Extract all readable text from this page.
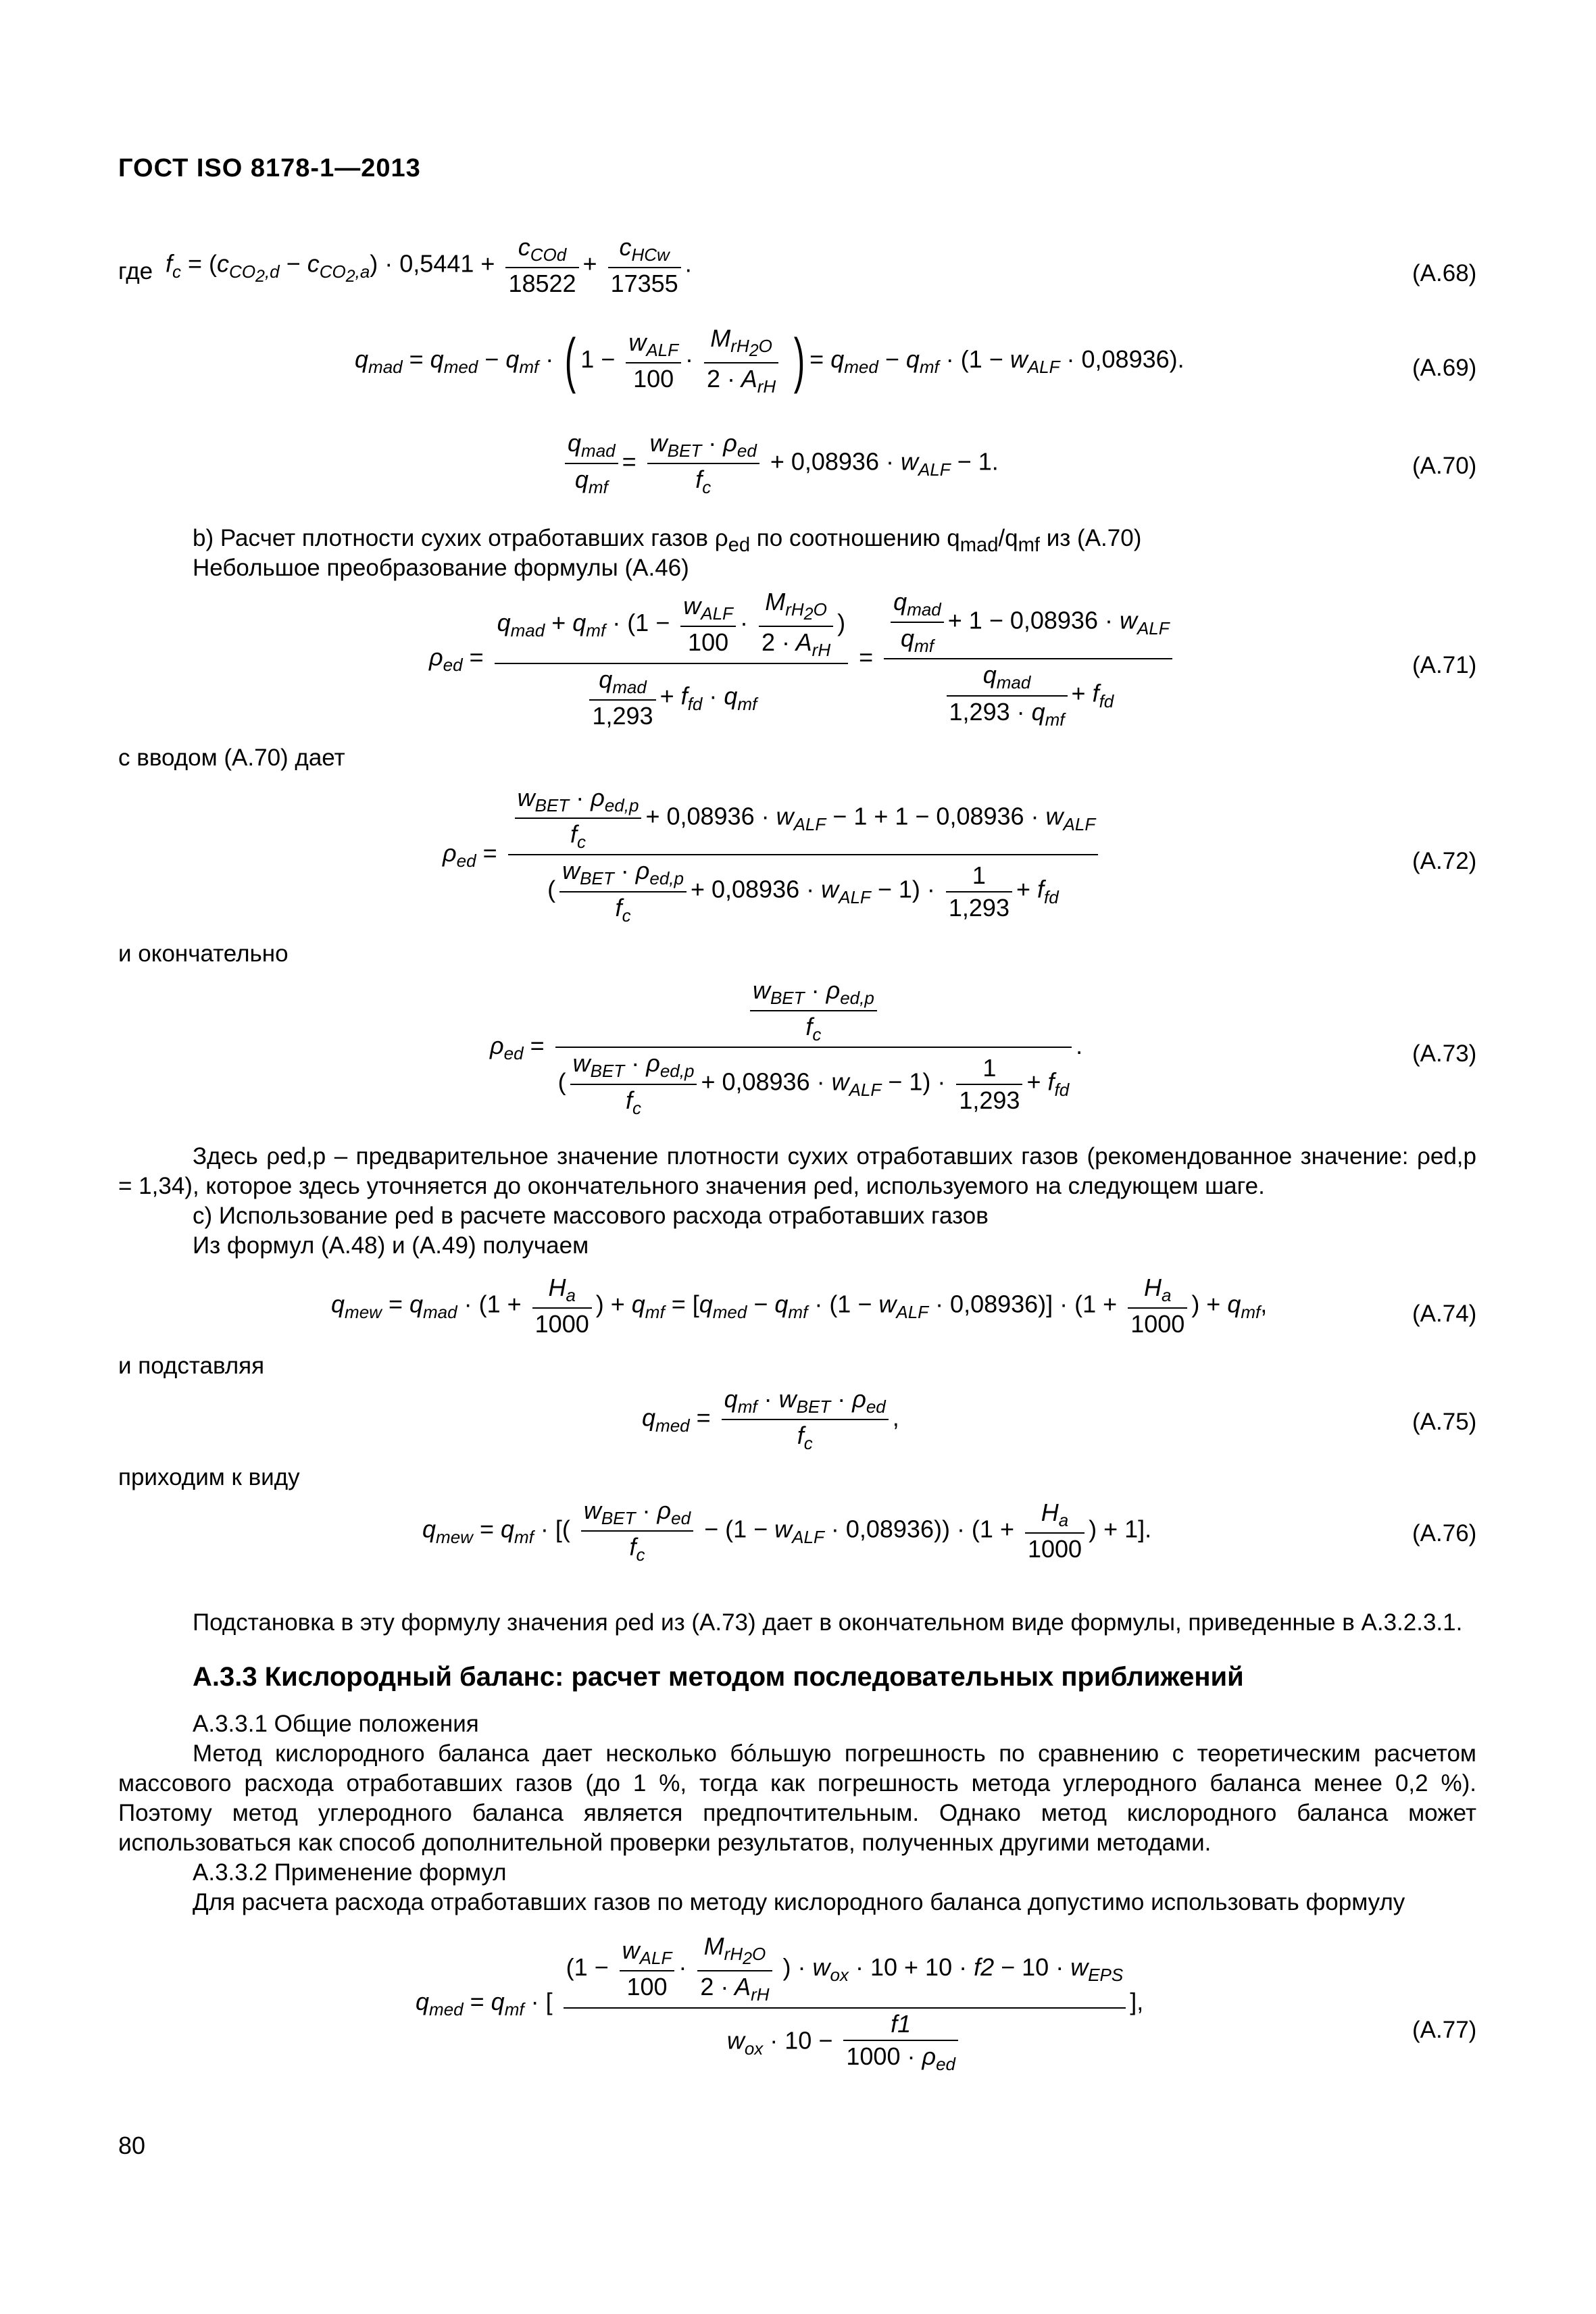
ГОСТ ISO 8178-1—2013
где $f_c = (c_{CO_2,d} - c_{CO_2,a}) \cdot 0,5441$ +
$c_{COd}$
18522
+
$c_{HCw}$
17355
.	(A.68)
$q_{mad} = q_{med} - q_{mf}$ · ( 1 −
$w_{ALF}$
100
·
$M_{rH_2O}$
$2 \cdot A_{rH}$ ) = $q_{med} - q_{mf} \cdot (1 - w_{ALF} \cdot 0,08936)$.	(A.69)
$q_{mad}$
$q_{mf}$
=
$w_{BET} \cdot \rho_{ed}$
$f_c$
+ $0,08936 \cdot w_{ALF} - 1$.	(A.70)
b) Расчет плотности сухих отработавших газов $\rho_{ed}$ по соотношению $q_{mad}/q_{mf}$ из (A.70)
Небольшое преобразование формулы (A.46)
$\rho_{ed}$ =
$q_{mad} + q_{mf} \cdot (1$ −
$w_{ALF}$
100
·
$M_{rH_2O}$
$2 \cdot A_{rH}$
)
$q_{mad}$
1,293
+ $f_{fd} \cdot q_{mf}$
=
$q_{mad}$
$q_{mf}$
+ $1 - 0,08936 \cdot w_{ALF}$
$q_{mad}$
$1,293 \cdot q_{mf}$
+ $f_{fd}$
(A.71)
с вводом (A.70) дает
$\rho_{ed}$ =
$w_{BET} \cdot \rho_{ed,p}$
$f_c$
+ $0,08936 \cdot w_{ALF} - 1 + 1 - 0,08936 \cdot w_{ALF}$
(
$w_{BET} \cdot \rho_{ed,p}$
$f_c$
+ $0,08936 \cdot w_{ALF} - 1) \cdot \frac{1}{1,293} + f_{fd}$
(A.72)
и окончательно
$\rho_{ed}$ =
$w_{BET} \cdot \rho_{ed,p}$
$f_c$
(
$w_{BET} \cdot \rho_{ed,p}$
$f_c$
+ $0,08936 \cdot w_{ALF} - 1) \cdot \frac{1}{1,293} + f_{fd}$
.	(A.73)
Здесь ρed,p – предварительное значение плотности сухих отработавших газов (рекомендованное значение: ρed,p = 1,34), которое здесь уточняется до окончательного значения ρed, используемого на следующем шаге.
с) Использование ρed в расчете массового расхода отработавших газов
Из формул (A.48) и (A.49) получаем
$q_{mew} = q_{mad} \cdot (1 + \frac{H_a}{1000}$ ) + $q_{mf} = [q_{med} - q_{mf} \cdot (1 - w_{ALF} \cdot 0,08936)] \cdot (1 + \frac{H_a}{1000}$ ) + $q_{mf}$,	(A.74)
и подставляя
$q_{med}$ =
$q_{mf} \cdot w_{BET} \cdot \rho_{ed}$
$f_c$
,	(A.75)
приходим к виду
$q_{mew} = q_{mf}$ · [(
$w_{BET} \cdot \rho_{ed}$
$f_c$
− $(1 - w_{ALF} \cdot 0,08936)) \cdot (1 + \frac{H_a}{1000}$ ) + 1].	(A.76)
Подстановка в эту формулу значения ρed из (A.73) дает в окончательном виде формулы, приведенные в A.3.2.3.1.
А.3.3 Кислородный баланс: расчет методом последовательных приближений
А.3.3.1 Общие положения
Метод кислородного баланса дает несколько бóльшую погрешность по сравнению с теоретическим расчетом массового расхода отработавших газов (до 1 %, тогда как погрешность метода углеродного баланса менее 0,2 %). Поэтому метод углеродного баланса является предпочтительным. Однако метод кислородного баланса может использоваться как способ дополнительной проверки результатов, полученных другими методами.
А.3.3.2 Применение формул
Для расчета расхода отработавших газов по методу кислородного баланса допустимо использовать формулу
$q_{med} = q_{mf}$ · [
(1 −
$w_{ALF}$
100
·
$M_{rH_2O}$
$2 \cdot A_{rH}$
) · $w_{ox} \cdot 10 + 10 \cdot f2 - 10 \cdot w_{EPS}$
$w_{ox} \cdot 10$ −
f1
$1000 \cdot \rho_{ed}$
],
(A.77)
80
